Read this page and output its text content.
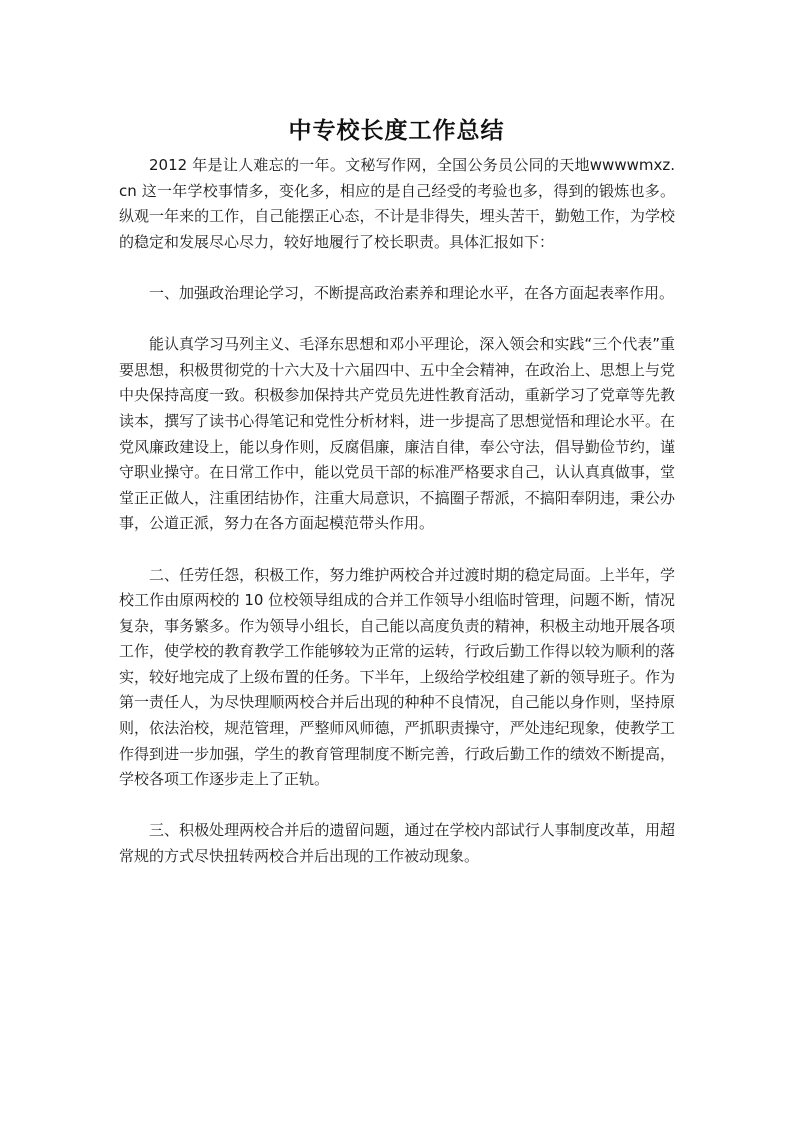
中专校长度工作总结

2012 年是让人难忘的一年。文秘写作网，全国公务员公同的天地wwwwmxz.cn 这一年学校事情多，变化多，相应的是自己经受的考验也多，得到的锻炼也多。纵观一年来的工作，自己能摆正心态，不计是非得失，埋头苦干，勤勉工作，为学校的稳定和发展尽心尽力，较好地履行了校长职责。具体汇报如下：

一、加强政治理论学习，不断提高政治素养和理论水平，在各方面起表率作用。

能认真学习马列主义、毛泽东思想和邓小平理论，深入领会和实践“三个代表”重要思想，积极贯彻党的十六大及十六届四中、五中全会精神，在政治上、思想上与党中央保持高度一致。积极参加保持共产党员先进性教育活动，重新学习了党章等先教读本，撰写了读书心得笔记和党性分析材料，进一步提高了思想觉悟和理论水平。在党风廉政建设上，能以身作则，反腐倡廉，廉洁自律，奉公守法，倡导勤俭节约，谨守职业操守。在日常工作中，能以党员干部的标准严格要求自己，认认真真做事，堂堂正正做人，注重团结协作，注重大局意识，不搞圈子帮派，不搞阳奉阴违，秉公办事，公道正派，努力在各方面起模范带头作用。

二、任劳任怨，积极工作，努力维护两校合并过渡时期的稳定局面。上半年，学校工作由原两校的 10 位校领导组成的合并工作领导小组临时管理，问题不断，情况复杂，事务繁多。作为领导小组长，自己能以高度负责的精神，积极主动地开展各项工作，使学校的教育教学工作能够较为正常的运转，行政后勤工作得以较为顺利的落实，较好地完成了上级布置的任务。下半年，上级给学校组建了新的领导班子。作为第一责任人，为尽快理顺两校合并后出现的种种不良情况，自己能以身作则，坚持原则，依法治校，规范管理，严整师风师德，严抓职责操守，严处违纪现象，使教学工作得到进一步加强，学生的教育管理制度不断完善，行政后勤工作的绩效不断提高，学校各项工作逐步走上了正轨。

三、积极处理两校合并后的遗留问题，通过在学校内部试行人事制度改革，用超常规的方式尽快扭转两校合并后出现的工作被动现象。
